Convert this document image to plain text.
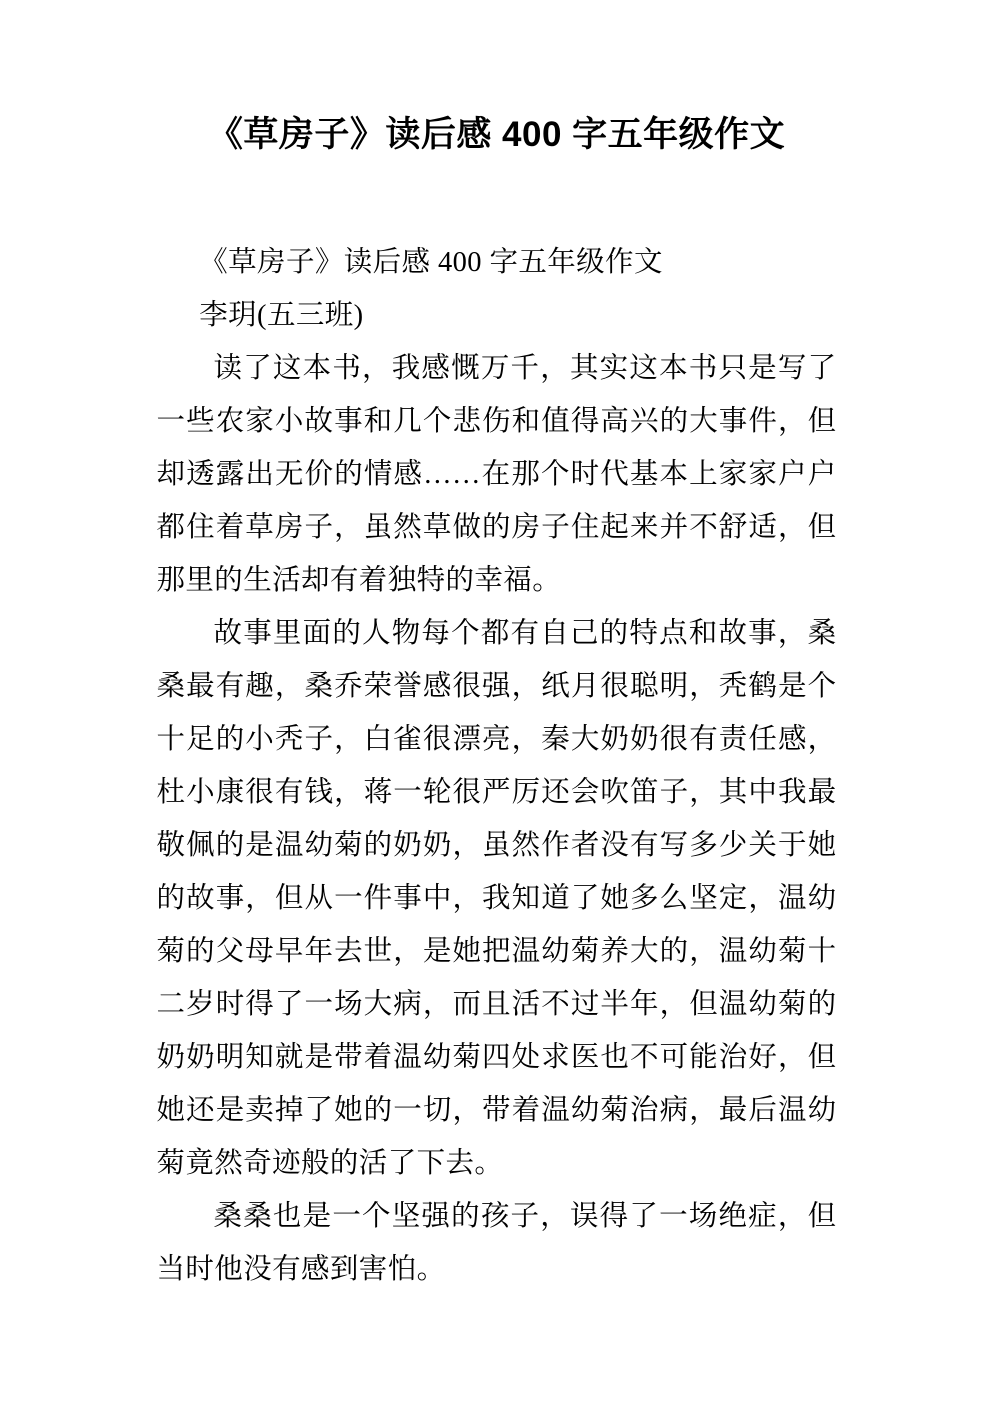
《草房子》读后感 400 字五年级作文

《草房子》读后感 400 字五年级作文

李玥(五三班)

读了这本书，我感慨万千，其实这本书只是写了一些农家小故事和几个悲伤和值得高兴的大事件，但却透露出无价的情感……在那个时代基本上家家户户都住着草房子，虽然草做的房子住起来并不舒适，但那里的生活却有着独特的幸福。

故事里面的人物每个都有自己的特点和故事，桑桑最有趣，桑乔荣誉感很强，纸月很聪明，秃鹤是个十足的小秃子，白雀很漂亮，秦大奶奶很有责任感，杜小康很有钱，蒋一轮很严厉还会吹笛子，其中我最敬佩的是温幼菊的奶奶，虽然作者没有写多少关于她的故事，但从一件事中，我知道了她多么坚定，温幼菊的父母早年去世，是她把温幼菊养大的，温幼菊十二岁时得了一场大病，而且活不过半年，但温幼菊的奶奶明知就是带着温幼菊四处求医也不可能治好，但她还是卖掉了她的一切，带着温幼菊治病，最后温幼菊竟然奇迹般的活了下去。

桑桑也是一个坚强的孩子，误得了一场绝症，但当时他没有感到害怕。
